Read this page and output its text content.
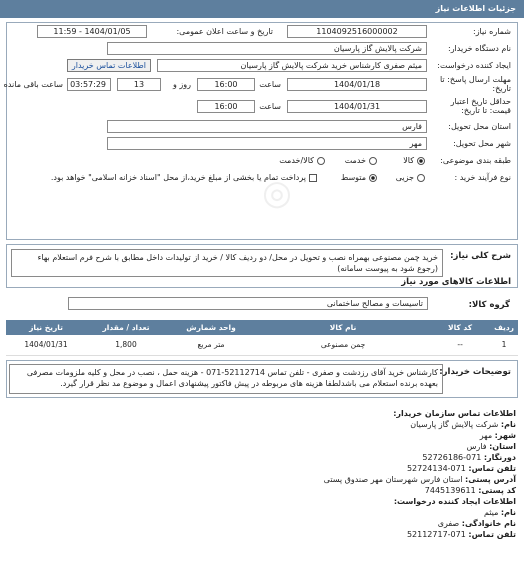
جزئیات اطلاعات نیاز
شماره نیاز:
1104092516000002
تاریخ و ساعت اعلان عمومی:
1404/01/05 - 11:59
نام دستگاه خریدار:
شرکت پالایش گاز پارسیان
ایجاد کننده درخواست:
میثم صفری کارشناس خرید شرکت پالایش گاز پارسیان
اطلاعات تماس خریدار
مهلت ارسال پاسخ: تا تاریخ:
1404/01/18
ساعت
16:00
روز و
13
03:57:29
ساعت باقی مانده
حداقل تاریخ اعتبار قیمت: تا تاریخ:
1404/01/31
ساعت
16:00
استان محل تحویل:
فارس
شهر محل تحویل:
مهر
طبقه بندی موضوعی:
کالا
خدمت
کالا/خدمت
نوع فرآیند خرید :
جزیی
متوسط
پرداخت تمام یا بخشی از مبلغ خرید،از محل "اسناد خزانه اسلامی" خواهد بود.
◎
شرح کلی نیاز:
خرید چمن مصنوعی بهمراه نصب و تحویل در محل/ دو ردیف کالا / خرید از تولیدات داخل مطابق با شرح فرم استعلام بهاء (رجوع شود به پیوست سامانه)
اطلاعات کالاهای مورد نیاز
گروه کالا:
تاسیسات و مصالح ساختمانی
ردیف	کد کالا	نام کالا	واحد شمارش	تعداد / مقدار	تاریخ نیاز
1	--	چمن مصنوعی	متر مربع	1,800	1404/01/31
توضیحات خریدار:
کارشناس خرید آقای رزدشت و صفری - تلفن تماس 52112714-071 - هزینه حمل ، نصب در محل و کلیه ملزومات مصرفی بعهده برنده استعلام می باشدلطفا هزینه های مربوطه در پیش فاکتور پیشنهادی اعمال و موضوع مد نظر قرار گیرد.
اطلاعات تماس سازمان خریدار:
نام: شرکت پالایش گاز پارسیان
شهر: مهر
استان: فارس
دورنگار: 071-52726186
تلفن تماس: 071-52724134
آدرس پستی: استان فارس شهرستان مهر صندوق پستی
کد پستی: 7445139611
اطلاعات ایجاد کننده درخواست:
نام: میثم
نام خانوادگی: صفری
تلفن تماس: 071-52112717
